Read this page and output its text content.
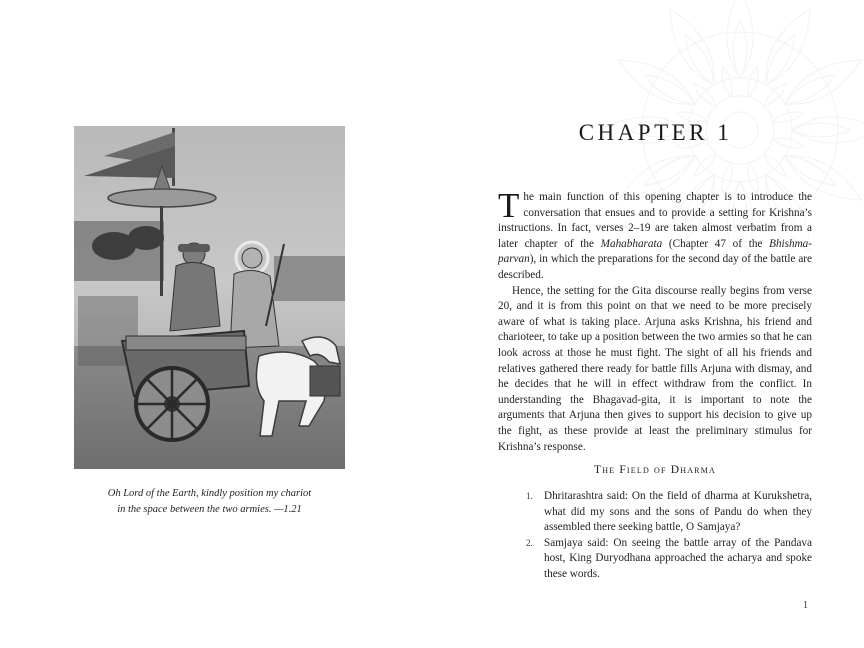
Oh Lord of the Earth, kindly position my chariot
in the space between the two armies. —1.21
CHAPTER 1

The main function of this opening chapter is to introduce the conversation that ensues and to provide a setting for Krishna’s instructions. In fact, verses 2–19 are taken almost verbatim from a later chapter of the Mahabharata (Chapter 47 of the Bhishma-parvan), in which the preparations for the second day of the battle are described.

Hence, the setting for the Gita discourse really begins from verse 20, and it is from this point on that we need to be more precisely aware of what is taking place. Arjuna asks Krishna, his friend and charioteer, to take up a position between the two armies so that he can look across at those he must fight. The sight of all his friends and relatives gathered there ready for battle fills Arjuna with dismay, and he decides that he will in effect withdraw from the conflict. In understanding the Bhagavad-gita, it is important to note the arguments that Arjuna then gives to support his decision to give up the fight, as these provide at least the preliminary stimulus for Krishna’s response.

The Field of Dharma
1. Dhritarashtra said: On the field of dharma at Kurukshetra, what did my sons and the sons of Pandu do when they assembled there seeking battle, O Samjaya?
2. Samjaya said: On seeing the battle array of the Pandava host, King Duryodhana approached the acharya and spoke these words.
1
